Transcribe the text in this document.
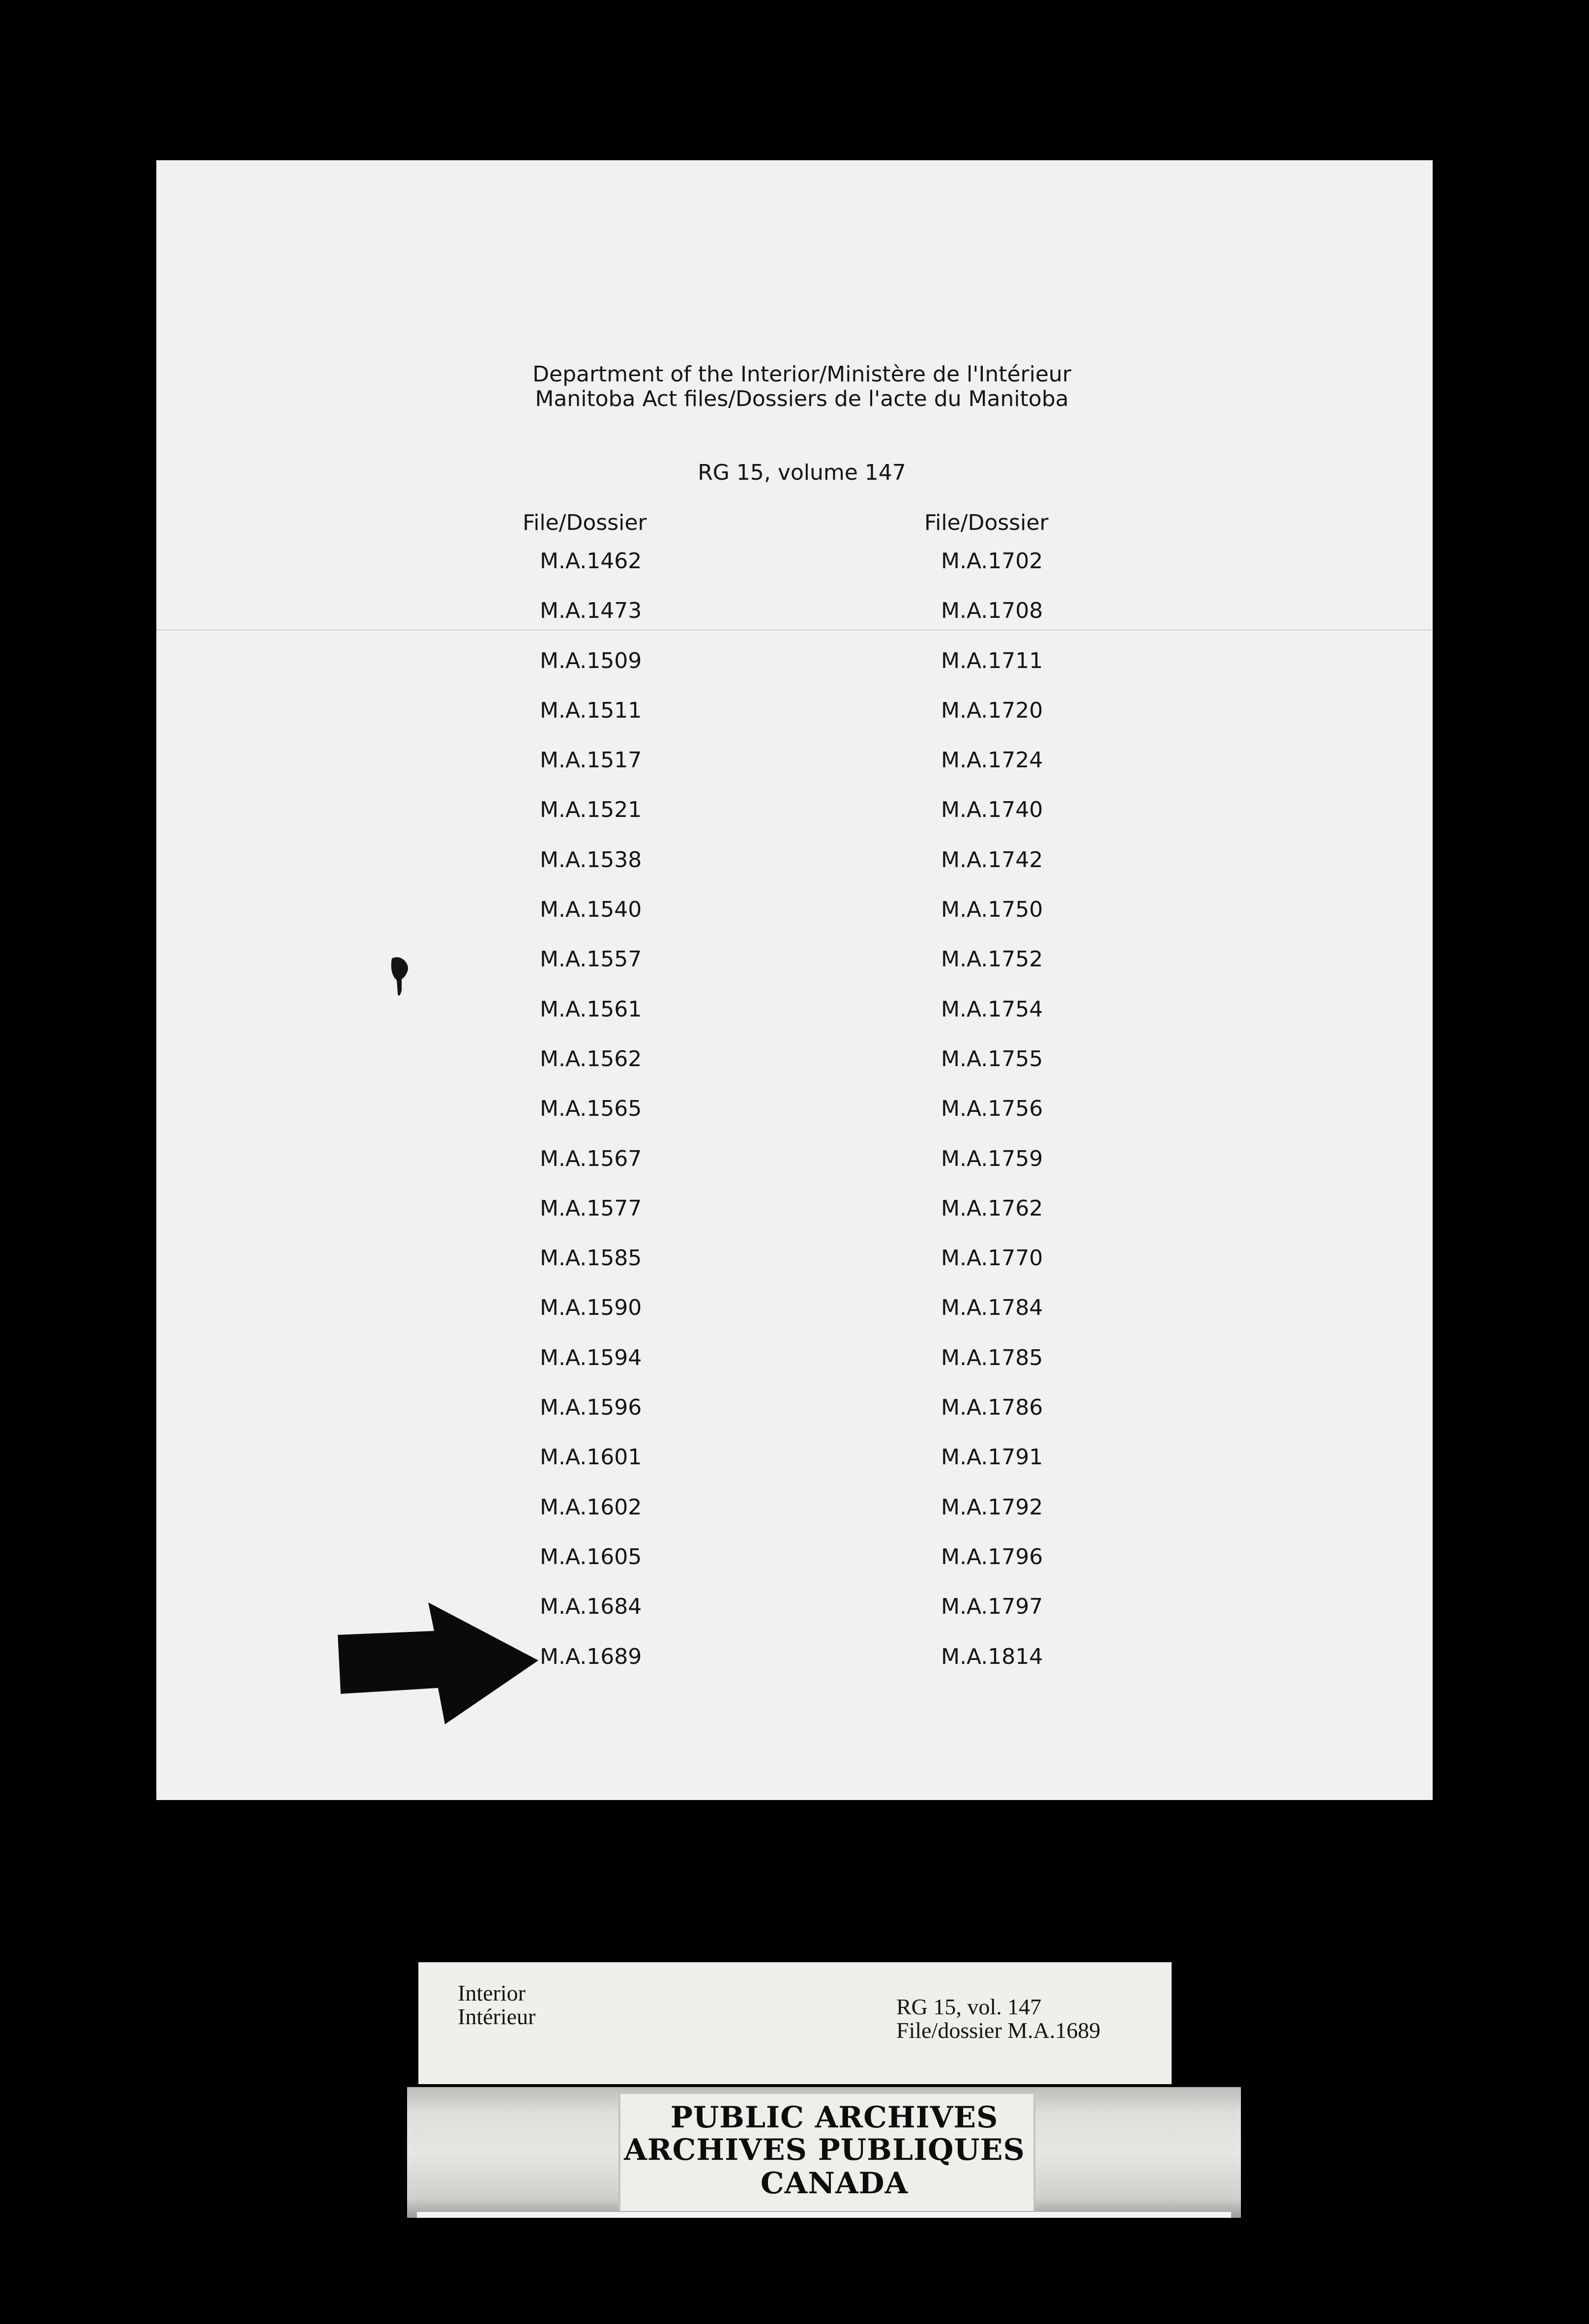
Department of the Interior/Ministère de l'Intérieur
Manitoba Act files/Dossiers de l'acte du Manitoba
RG 15, volume 147
File/Dossier	File/Dossier
M.A.1462
M.A.1473
M.A.1509
M.A.1511
M.A.1517
M.A.1521
M.A.1538
M.A.1540
M.A.1557
M.A.1561
M.A.1562
M.A.1565
M.A.1567
M.A.1577
M.A.1585
M.A.1590
M.A.1594
M.A.1596
M.A.1601
M.A.1602
M.A.1605
M.A.1684
M.A.1689
M.A.1702
M.A.1708
M.A.1711
M.A.1720
M.A.1724
M.A.1740
M.A.1742
M.A.1750
M.A.1752
M.A.1754
M.A.1755
M.A.1756
M.A.1759
M.A.1762
M.A.1770
M.A.1784
M.A.1785
M.A.1786
M.A.1791
M.A.1792
M.A.1796
M.A.1797
M.A.1814
Interior
Intérieur	RG 15, vol. 147
File/dossier M.A.1689
PUBLIC ARCHIVES
ARCHIVES PUBLIQUES
CANADA
